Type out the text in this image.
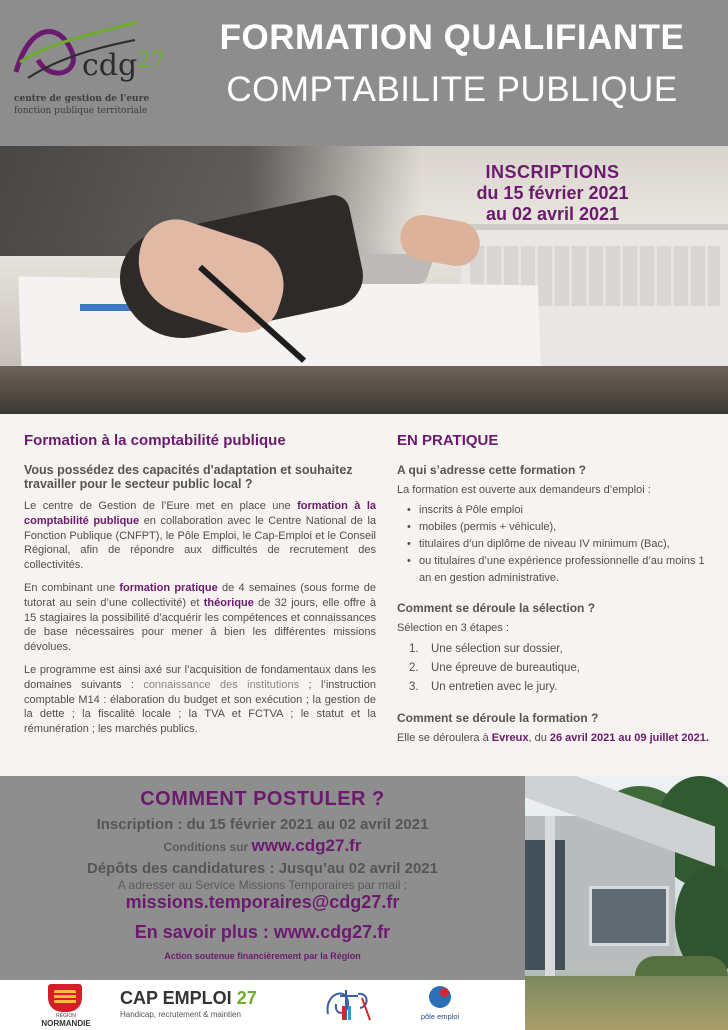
cdg$^{27}$
centre de gestion de l'eure
fonction publique territoriale
FORMATION QUALIFIANTE
COMPTABILITE PUBLIQUE
INSCRIPTIONS
du 15 février 2021
au 02 avril 2021
Formation à la comptabilité publique
Vous possédez des capacités d'adaptation et souhaitez travailler pour le secteur public local ?

Le centre de Gestion de l’Eure met en place une formation à la comptabilité publique en collaboration avec le Centre National de la Fonction Publique (CNFPT), le Pôle Emploi, le Cap-Emploi et le Conseil Régional, afin de répondre aux difficultés de recrutement des collectivités.

En combinant une formation pratique de 4 semaines (sous forme de tutorat au sein d’une collectivité) et théorique de 32 jours, elle offre à 15 stagiaires la possibilité d’acquérir les compétences et connaissances de base nécessaires pour mener à bien les différentes missions dévolues.

Le programme est ainsi axé sur l’acquisition de fondamentaux dans les domaines suivants : connaissance des institutions ; l’instruction comptable M14 : élaboration du budget et son exécution ; la gestion de la dette ; la fiscalité locale ; la TVA et FCTVA ; le statut et la rémunération ; les marchés publics.

EN PRATIQUE
A qui s’adresse cette formation ?
La formation est ouverte aux demandeurs d’emploi :
• inscrits à Pôle emploi
• mobiles (permis + véhicule),
• titulaires d’un diplôme de niveau IV minimum (Bac),
• ou titulaires d’une expérience professionnelle d’au moins 1 an en gestion administrative.
Comment se déroule la sélection ?
Sélection en 3 étapes :
1. Une sélection sur dossier,
2. Une épreuve de bureautique,
3. Un entretien avec le jury.
Comment se déroule la formation ?
Elle se déroulera à Evreux, du 26 avril 2021 au 09 juillet 2021.
COMMENT POSTULER ?
Inscription : du 15 février 2021 au 02 avril 2021
Conditions sur www.cdg27.fr
Dépôts des candidatures : Jusqu’au 02 avril 2021
A adresser au Service Missions Temporaires par mail :
missions.temporaires@cdg27.fr
En savoir plus : www.cdg27.fr
Action soutenue financièrement par la Région
RÉGION
NORMANDIE
CAP EMPLOI 27
Handicap, recrutement & maintien	pôle emploi
